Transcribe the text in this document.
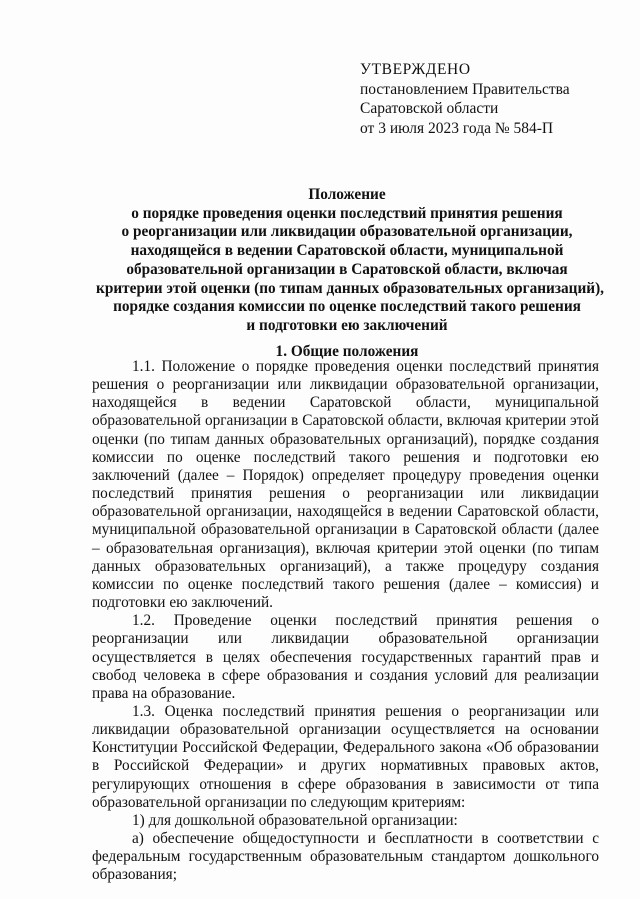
УТВЕРЖДЕНО
постановлением Правительства
Саратовской области
от 3 июля 2023 года № 584-П
Положение
о порядке проведения оценки последствий принятия решения
о реорганизации или ликвидации образовательной организации,
находящейся в ведении Саратовской области, муниципальной
образовательной организации в Саратовской области, включая
критерии этой оценки (по типам данных образовательных организаций),
порядке создания комиссии по оценке последствий такого решения
и подготовки ею заключений
1. Общие положения

1.1. Положение о порядке проведения оценки последствий принятия решения о реорганизации или ликвидации образовательной организации, находящейся в ведении Саратовской области, муниципальной образовательной организации в Саратовской области, включая критерии этой оценки (по типам данных образовательных организаций), порядке создания комиссии по оценке последствий такого решения и подготовки ею заключений (далее – Порядок) определяет процедуру проведения оценки последствий принятия решения о реорганизации или ликвидации образовательной организации, находящейся в ведении Саратовской области, муниципальной образовательной организации в Саратовской области (далее – образовательная организация), включая критерии этой оценки (по типам данных образовательных организаций), а также процедуру создания комиссии по оценке последствий такого решения (далее – комиссия) и подготовки ею заключений.

1.2. Проведение оценки последствий принятия решения о реорганизации или ликвидации образовательной организации осуществляется в целях обеспечения государственных гарантий прав и свобод человека в сфере образования и создания условий для реализации права на образование.

1.3. Оценка последствий принятия решения о реорганизации или ликвидации образовательной организации осуществляется на основании Конституции Российской Федерации, Федерального закона «Об образовании в Российской Федерации» и других нормативных правовых актов, регулирующих отношения в сфере образования в зависимости от типа образовательной организации по следующим критериям:

1) для дошкольной образовательной организации:

а) обеспечение общедоступности и бесплатности в соответствии с федеральным государственным образовательным стандартом дошкольного образования;
